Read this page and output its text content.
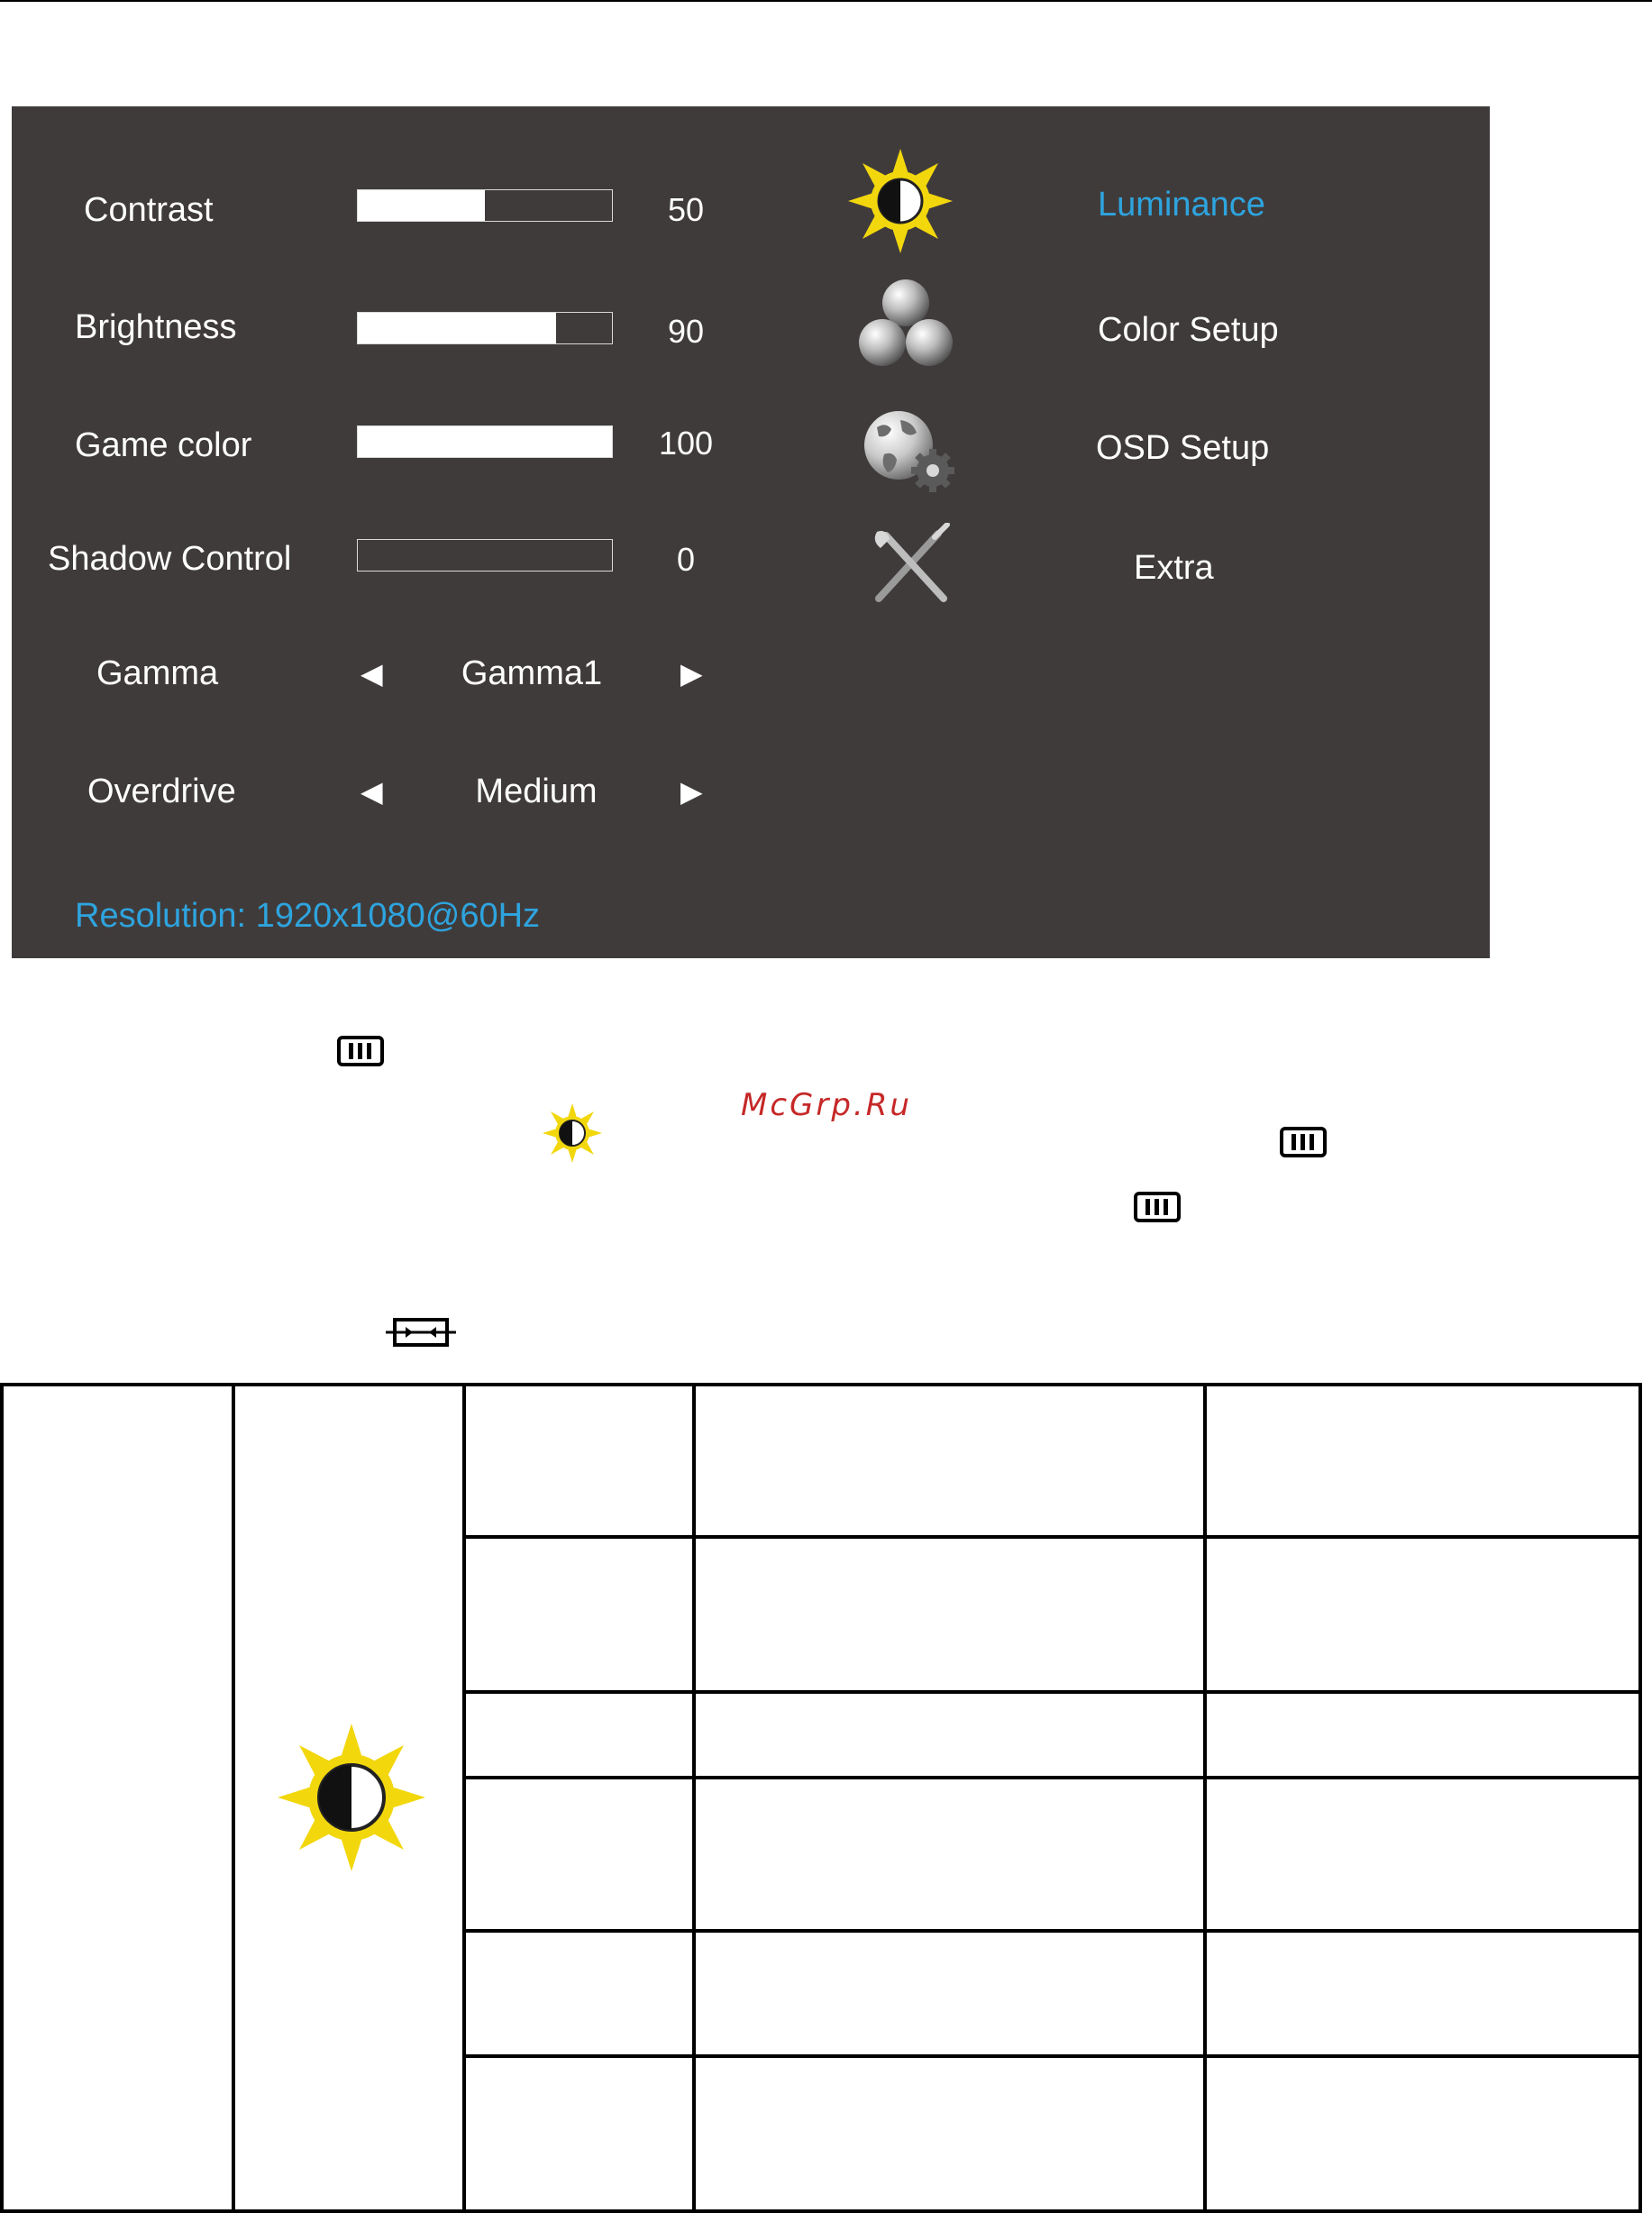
Contrast	50
Brightness	90
Game color	100
Shadow Control	0
Gamma	◀	Gamma1	▶
Overdrive	◀	Medium	▶
Luminance
Color Setup
OSD Setup
Extra
Resolution: 1920x1080@60Hz
McGrp.Ru
